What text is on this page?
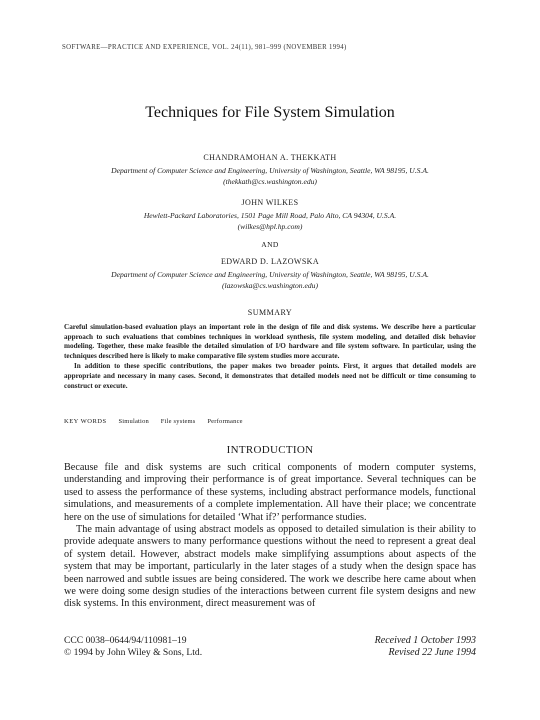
SOFTWARE—PRACTICE AND EXPERIENCE, VOL. 24(11), 981–999 (NOVEMBER 1994)
Techniques for File System Simulation
CHANDRAMOHAN A. THEKKATH
Department of Computer Science and Engineering, University of Washington, Seattle, WA 98195, U.S.A.
(thekkath@cs.washington.edu)
JOHN WILKES
Hewlett-Packard Laboratories, 1501 Page Mill Road, Palo Alto, CA 94304, U.S.A.
(wilkes@hpl.hp.com)
AND
EDWARD D. LAZOWSKA
Department of Computer Science and Engineering, University of Washington, Seattle, WA 98195, U.S.A.
(lazowska@cs.washington.edu)
SUMMARY

Careful simulation-based evaluation plays an important role in the design of file and disk systems. We describe here a particular approach to such evaluations that combines techniques in workload synthesis, file system modeling, and detailed disk behavior modeling. Together, these make feasible the detailed simulation of I/O hardware and file system software. In particular, using the techniques described here is likely to make comparative file system studies more accurate.

In addition to these specific contributions, the paper makes two broader points. First, it argues that detailed models are appropriate and necessary in many cases. Second, it demonstrates that detailed models need not be difficult or time consuming to construct or execute.

KEY WORDS Simulation File systems Performance
INTRODUCTION

Because file and disk systems are such critical components of modern computer systems, understanding and improving their performance is of great importance. Several techniques can be used to assess the performance of these systems, including abstract performance models, functional simulations, and measurements of a complete implementation. All have their place; we concentrate here on the use of simulations for detailed ‘What if?’ performance studies.

The main advantage of using abstract models as opposed to detailed simulation is their ability to provide adequate answers to many performance questions without the need to represent a great deal of system detail. However, abstract models make simplifying assumptions about aspects of the system that may be important, particularly in the later stages of a study when the design space has been narrowed and subtle issues are being considered. The work we describe here came about when we were doing some design studies of the interactions between current file system designs and new disk systems. In this environment, direct measurement was of

CCC 0038–0644/94/110981–19
© 1994 by John Wiley & Sons, Ltd.
Received 1 October 1993
Revised 22 June 1994
